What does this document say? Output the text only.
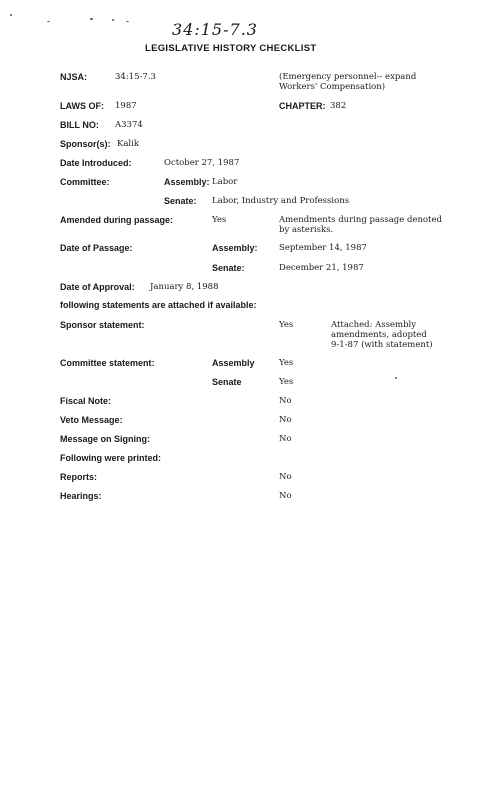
34:15-7.3
LEGISLATIVE HISTORY CHECKLIST
NJSA:	34:15-7.3	(Emergency personnel-- expand
Workers' Compensation)
LAWS OF: 1987	CHAPTER: 382
BILL NO: A3374
Sponsor(s): Kalik
Date Introduced:	October 27, 1987
Committee:	Assembly: Labor
Senate: Labor, Industry and Professions
Amended during passage:	Yes	Amendments during passage denoted
by asterisks.
Date of Passage:	Assembly:	September 14, 1987
Senate:	December 21, 1987
Date of Approval: January 8, 1988
following statements are attached if available:
Sponsor statement:	Yes	Attached: Assembly
amendments, adopted
9-1-87 (with statement)
Committee statement:	Assembly	Yes
Senate	Yes
Fiscal Note:	No
Veto Message:	No
Message on Signing:	No
Following were printed:
Reports:	No
Hearings:	No
